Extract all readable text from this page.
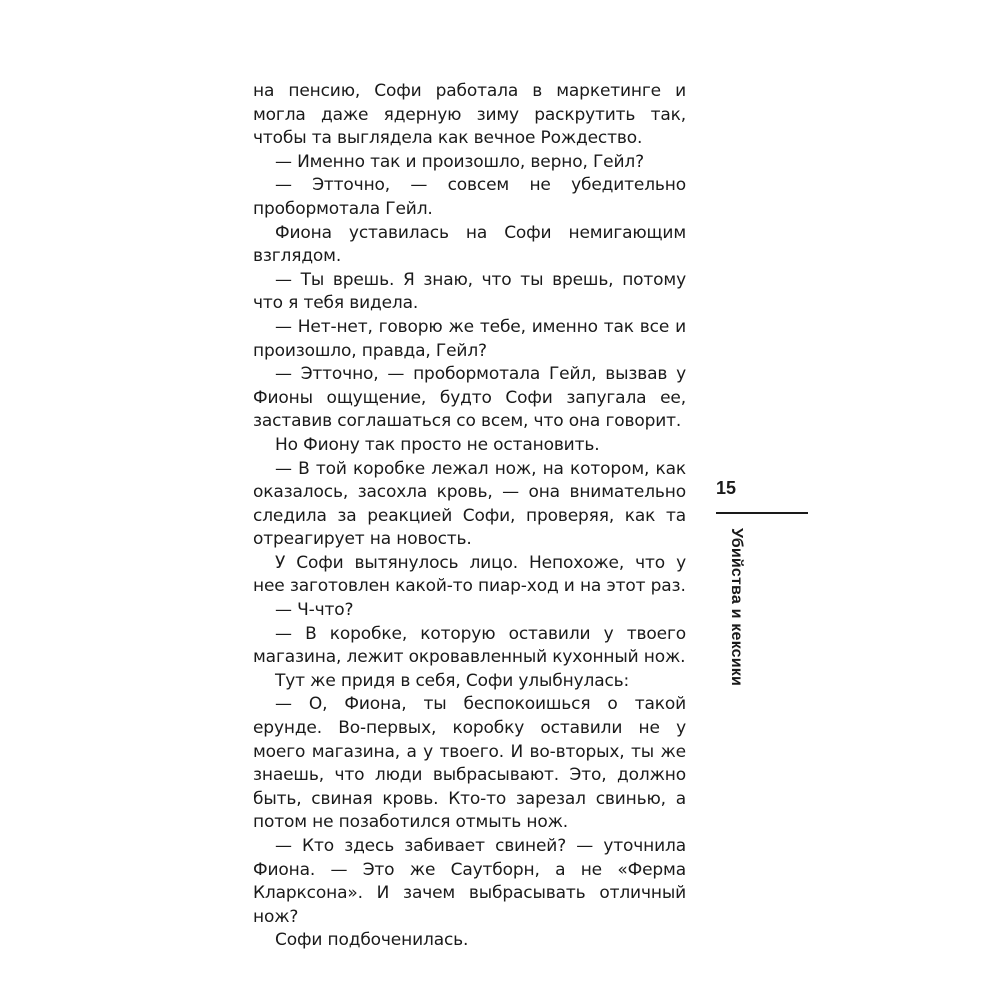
на пенсию, Софи работала в маркетинге и могла даже ядерную зиму раскрутить так, чтобы та выглядела как вечное Рождество.

— Именно так и произошло, верно, Гейл?

— Этточно, — совсем не убедительно пробормотала Гейл.

Фиона уставилась на Софи немигающим взглядом.

— Ты врешь. Я знаю, что ты врешь, потому что я тебя видела.

— Нет-нет, говорю же тебе, именно так все и произошло, правда, Гейл?

— Этточно, — пробормотала Гейл, вызвав у Фионы ощущение, будто Софи запугала ее, заставив соглашаться со всем, что она говорит.

Но Фиону так просто не остановить.

— В той коробке лежал нож, на котором, как оказалось, засохла кровь, — она внимательно следила за реакцией Софи, проверяя, как та отреагирует на новость.

У Софи вытянулось лицо. Непохоже, что у нее заготовлен какой-то пиар-ход и на этот раз.

— Ч-что?

— В коробке, которую оставили у твоего магазина, лежит окровавленный кухонный нож.

Тут же придя в себя, Софи улыбнулась:

— О, Фиона, ты беспокоишься о такой ерунде. Во-первых, коробку оставили не у моего магазина, а у твоего. И во-вторых, ты же знаешь, что люди выбрасывают. Это, должно быть, свиная кровь. Кто-то зарезал свинью, а потом не позаботился отмыть нож.

— Кто здесь забивает свиней? — уточнила Фиона. — Это же Саутборн, а не «Ферма Кларксона». И зачем выбрасывать отличный нож?

Софи подбоченилась.

15
Убийства и кексики
